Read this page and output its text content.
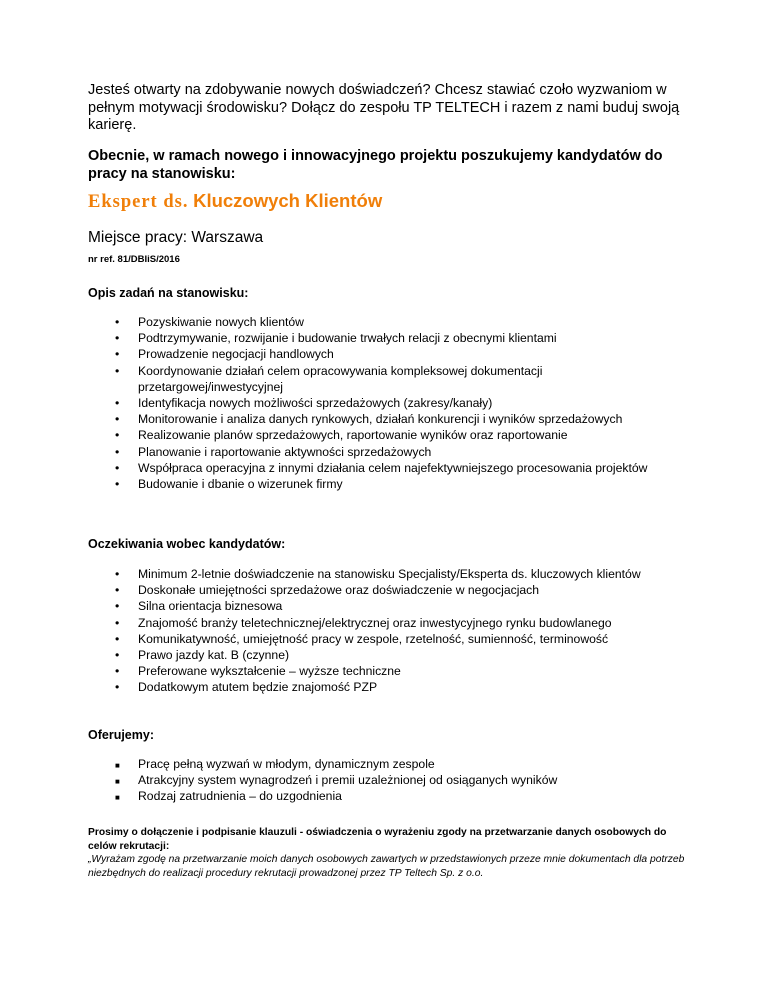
Jesteś otwarty na zdobywanie nowych doświadczeń? Chcesz stawiać czoło wyzwaniom w pełnym motywacji środowisku? Dołącz do zespołu TP TELTECH i razem z nami buduj swoją karierę.

Obecnie, w ramach nowego i innowacyjnego projektu poszukujemy kandydatów do pracy na stanowisku:

Ekspert ds. Kluczowych Klientów
Miejsce pracy: Warszawa
nr ref. 81/DBIiS/2016
Opis zadań na stanowisku:
• Pozyskiwanie nowych klientów
• Podtrzymywanie, rozwijanie i budowanie trwałych relacji z obecnymi klientami
• Prowadzenie negocjacji handlowych
• Koordynowanie działań celem opracowywania kompleksowej dokumentacji przetargowej/inwestycyjnej
• Identyfikacja nowych możliwości sprzedażowych (zakresy/kanały)
• Monitorowanie i analiza danych rynkowych, działań konkurencji i wyników sprzedażowych
• Realizowanie planów sprzedażowych, raportowanie wyników oraz raportowanie
• Planowanie i raportowanie aktywności sprzedażowych
• Współpraca operacyjna z innymi działania celem najefektywniejszego procesowania projektów
• Budowanie i dbanie o wizerunek firmy
Oczekiwania wobec kandydatów:
• Minimum 2-letnie doświadczenie na stanowisku Specjalisty/Eksperta ds. kluczowych klientów
• Doskonałe umiejętności sprzedażowe oraz doświadczenie w negocjacjach
• Silna orientacja biznesowa
• Znajomość branży teletechnicznej/elektrycznej oraz inwestycyjnego rynku budowlanego
• Komunikatywność, umiejętność pracy w zespole, rzetelność, sumienność, terminowość
• Prawo jazdy kat. B (czynne)
• Preferowane wykształcenie – wyższe techniczne
• Dodatkowym atutem będzie znajomość PZP
Oferujemy:
■ Pracę pełną wyzwań w młodym, dynamicznym zespole
■ Atrakcyjny system wynagrodzeń i premii uzależnionej od osiąganych wyników
■ Rodzaj zatrudnienia – do uzgodnienia
Prosimy o dołączenie i podpisanie klauzuli - oświadczenia o wyrażeniu zgody na przetwarzanie danych osobowych do celów rekrutacji:
„Wyrażam zgodę na przetwarzanie moich danych osobowych zawartych w przedstawionych przeze mnie dokumentach dla potrzeb niezbędnych do realizacji procedury rekrutacji prowadzonej przez TP Teltech Sp. z o.o.
